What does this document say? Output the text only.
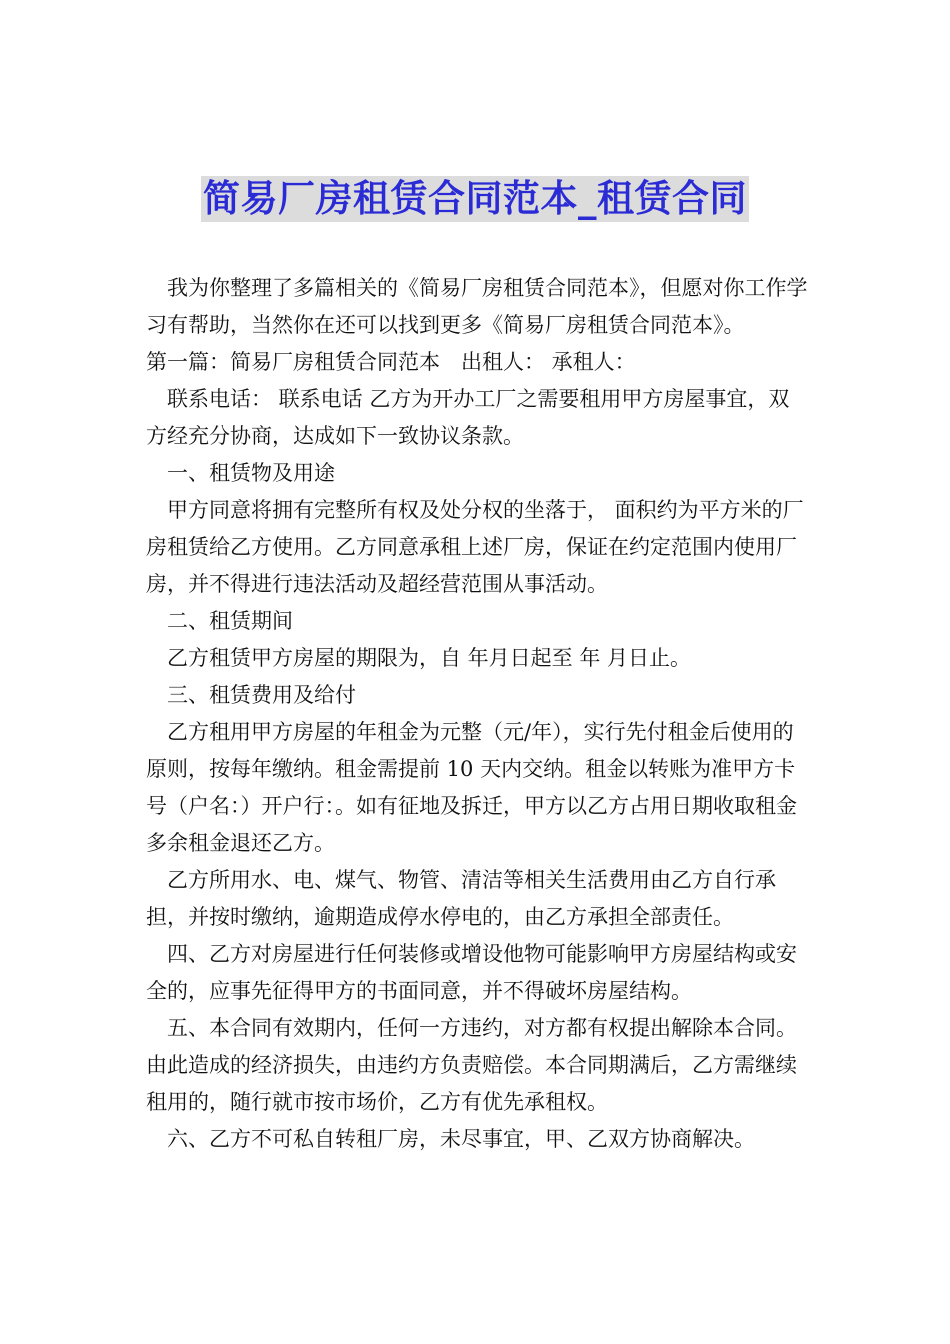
简易厂房租赁合同范本_租赁合同

我为你整理了多篇相关的《简易厂房租赁合同范本》，但愿对你工作学习有帮助，当然你在还可以找到更多《简易厂房租赁合同范本》。

第一篇：简易厂房租赁合同范本　出租人： 承租人：

联系电话： 联系电话 乙方为开办工厂之需要租用甲方房屋事宜，双方经充分协商，达成如下一致协议条款。

一、租赁物及用途

甲方同意将拥有完整所有权及处分权的坐落于， 面积约为平方米的厂房租赁给乙方使用。乙方同意承租上述厂房，保证在约定范围内使用厂房，并不得进行违法活动及超经营范围从事活动。

二、租赁期间

乙方租赁甲方房屋的期限为，自 年月日起至 年 月日止。

三、租赁费用及给付

乙方租用甲方房屋的年租金为元整（元/年），实行先付租金后使用的原则，按每年缴纳。租金需提前 10 天内交纳。租金以转账为准甲方卡号（户名：）开户行：。如有征地及拆迁，甲方以乙方占用日期收取租金多余租金退还乙方。

乙方所用水、电、煤气、物管、清洁等相关生活费用由乙方自行承担，并按时缴纳，逾期造成停水停电的，由乙方承担全部责任。

四、乙方对房屋进行任何装修或增设他物可能影响甲方房屋结构或安全的，应事先征得甲方的书面同意，并不得破坏房屋结构。

五、本合同有效期内，任何一方违约，对方都有权提出解除本合同。由此造成的经济损失，由违约方负责赔偿。本合同期满后，乙方需继续租用的，随行就市按市场价，乙方有优先承租权。

六、乙方不可私自转租厂房，未尽事宜，甲、乙双方协商解决。
